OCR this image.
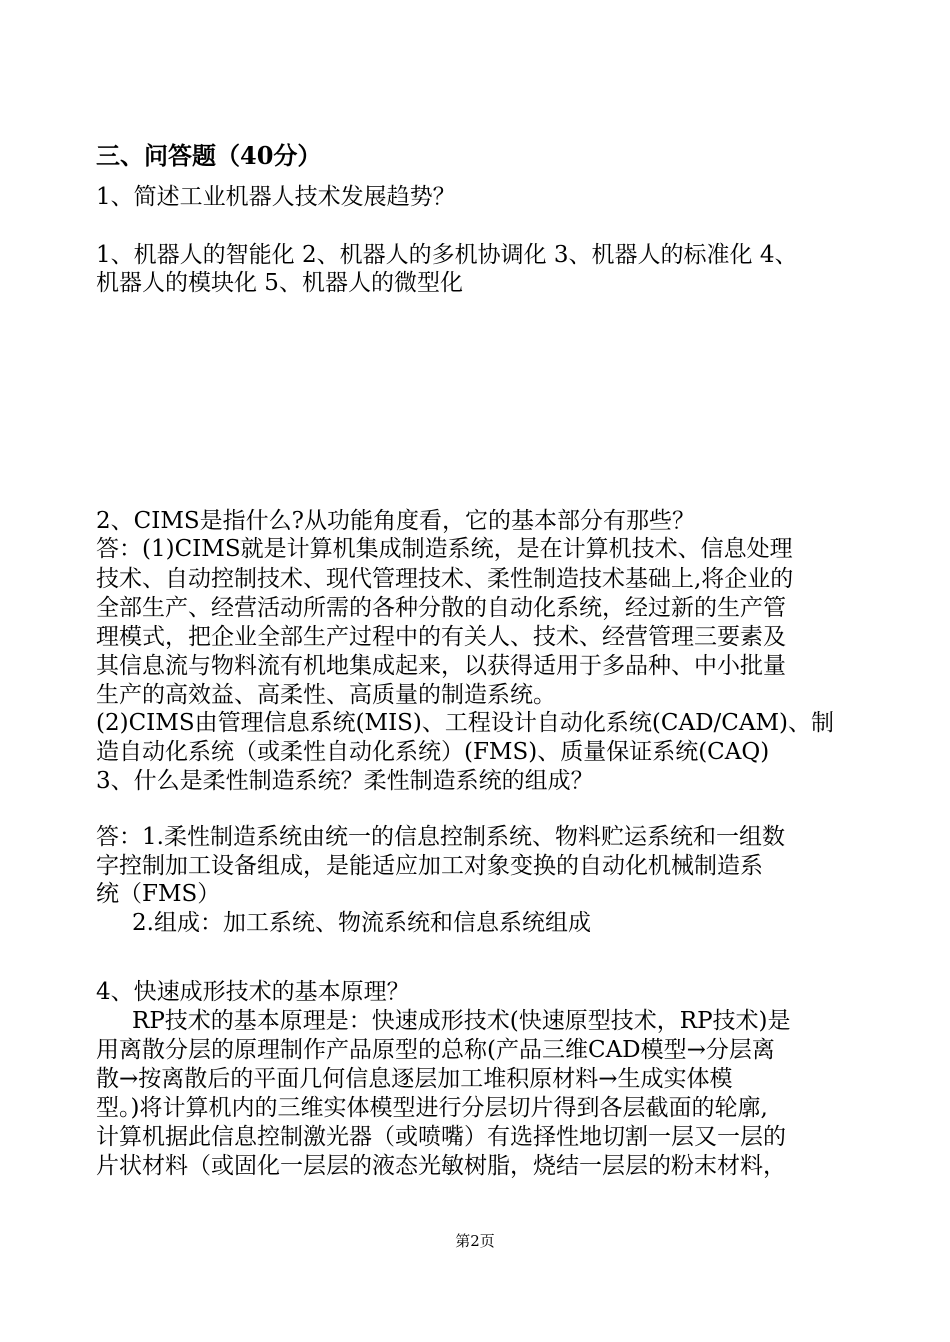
三、问答题（40分）
1、简述工业机器人技术发展趋势？
1、机器人的智能化 2、机器人的多机协调化 3、机器人的标准化 4、
机器人的模块化 5、机器人的微型化
2、CIMS是指什么?从功能角度看，它的基本部分有那些？
答：(1)CIMS就是计算机集成制造系统，是在计算机技术、信息处理
技术、自动控制技术、现代管理技术、柔性制造技术基础上,将企业的
全部生产、经营活动所需的各种分散的自动化系统，经过新的生产管
理模式，把企业全部生产过程中的有关人、技术、经营管理三要素及
其信息流与物料流有机地集成起来，以获得适用于多品种、中小批量
生产的高效益、高柔性、高质量的制造系统。
(2)CIMS由管理信息系统(MIS)、工程设计自动化系统(CAD/CAM)、制
造自动化系统（或柔性自动化系统）(FMS)、质量保证系统(CAQ)
3、什么是柔性制造系统？柔性制造系统的组成？
答：1.柔性制造系统由统一的信息控制系统、物料贮运系统和一组数
字控制加工设备组成，是能适应加工对象变换的自动化机械制造系
统（FMS）
2.组成：加工系统、物流系统和信息系统组成
4、快速成形技术的基本原理？
RP技术的基本原理是：快速成形技术(快速原型技术，RP技术)是
用离散分层的原理制作产品原型的总称(产品三维CAD模型→分层离
散→按离散后的平面几何信息逐层加工堆积原材料→生成实体模
型。)将计算机内的三维实体模型进行分层切片得到各层截面的轮廓,
计算机据此信息控制激光器（或喷嘴）有选择性地切割一层又一层的
片状材料（或固化一层层的液态光敏树脂，烧结一层层的粉末材料，
第2页
